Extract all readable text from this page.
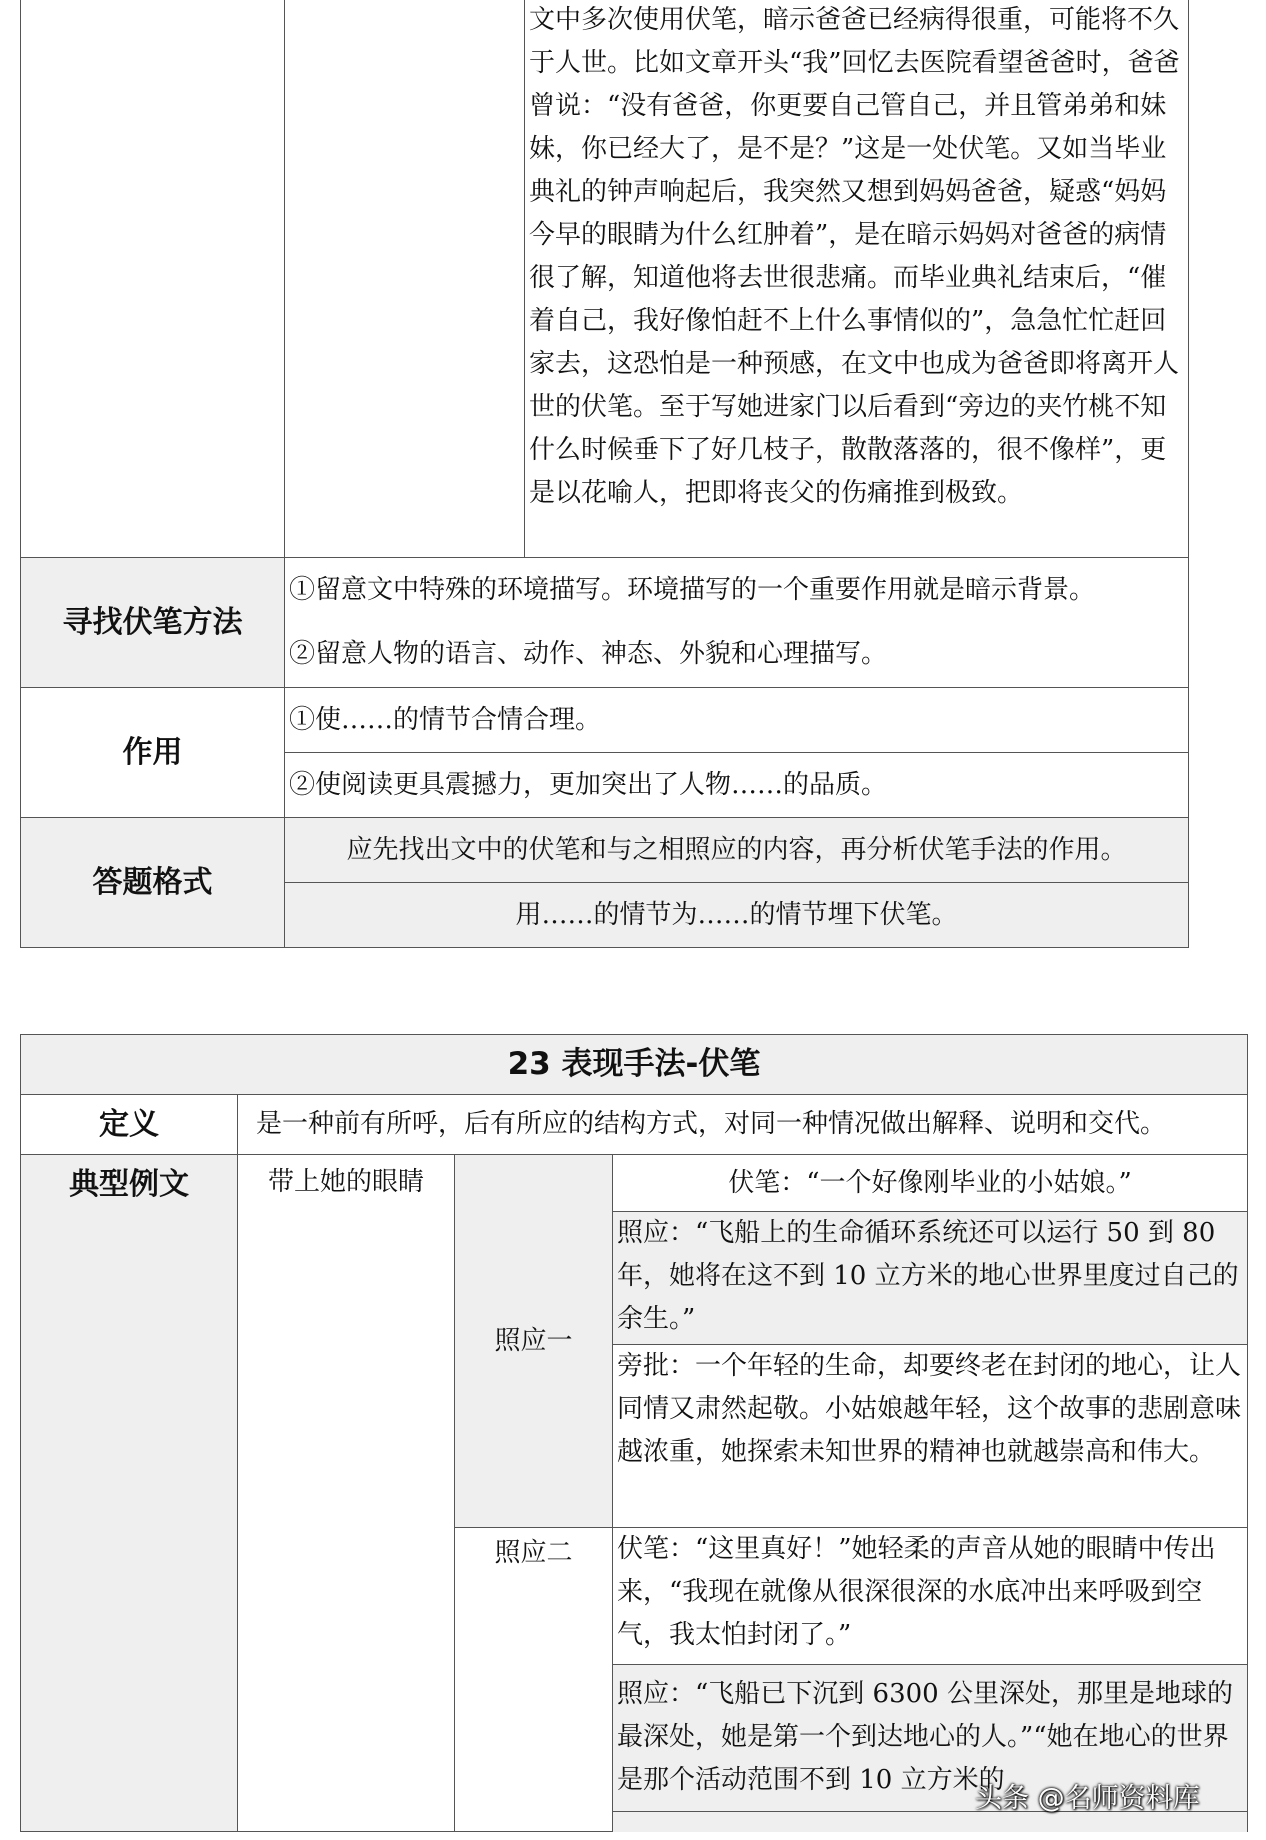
		文中多次使用伏笔，暗示爸爸已经病得很重，可能将不久于人世。比如文章开头“我”回忆去医院看望爸爸时，爸爸曾说：“没有爸爸，你更要自己管自己，并且管弟弟和妹妹，你已经大了，是不是？”这是一处伏笔。又如当毕业典礼的钟声响起后，我突然又想到妈妈爸爸，疑惑“妈妈今早的眼睛为什么红肿着”，是在暗示妈妈对爸爸的病情很了解，知道他将去世很悲痛。而毕业典礼结束后，“催着自己，我好像怕赶不上什么事情似的”，急急忙忙赶回家去，这恐怕是一种预感，在文中也成为爸爸即将离开人世的伏笔。至于写她进家门以后看到“旁边的夹竹桃不知什么时候垂下了好几枝子，散散落落的，很不像样”，更是以花喻人，把即将丧父的伤痛推到极致。
寻找伏笔方法	①留意文中特殊的环境描写。环境描写的一个重要作用就是暗示背景。	
	②留意人物的语言、动作、神态、外貌和心理描写。	
作用	①使……的情节合情合理。	
	②使阅读更具震撼力，更加突出了人物……的品质。	
答题格式	应先找出文中的伏笔和与之相照应的内容，再分析伏笔手法的作用。	
	用……的情节为……的情节埋下伏笔。	
23 表现手法-伏笔			
定义	是一种前有所呼，后有所应的结构方式，对同一种情况做出解释、说明和交代。		
典型例文	带上她的眼睛	照应一	伏笔：“一个好像刚毕业的小姑娘。”
			照应：“飞船上的生命循环系统还可以运行 50 到 80 年，她将在这不到 10 立方米的地心世界里度过自己的余生。”
			旁批：一个年轻的生命，却要终老在封闭的地心，让人同情又肃然起敬。小姑娘越年轻，这个故事的悲剧意味越浓重，她探索未知世界的精神也就越崇高和伟大。
		照应二	伏笔：“这里真好！”她轻柔的声音从她的眼睛中传出来，“我现在就像从很深很深的水底冲出来呼吸到空气，我太怕封闭了。”
			照应：“飞船已下沉到 6300 公里深处，那里是地球的最深处，她是第一个到达地心的人。”“她在地心的世界是那个活动范围不到 10 立方米的

头条 @名师资料库
